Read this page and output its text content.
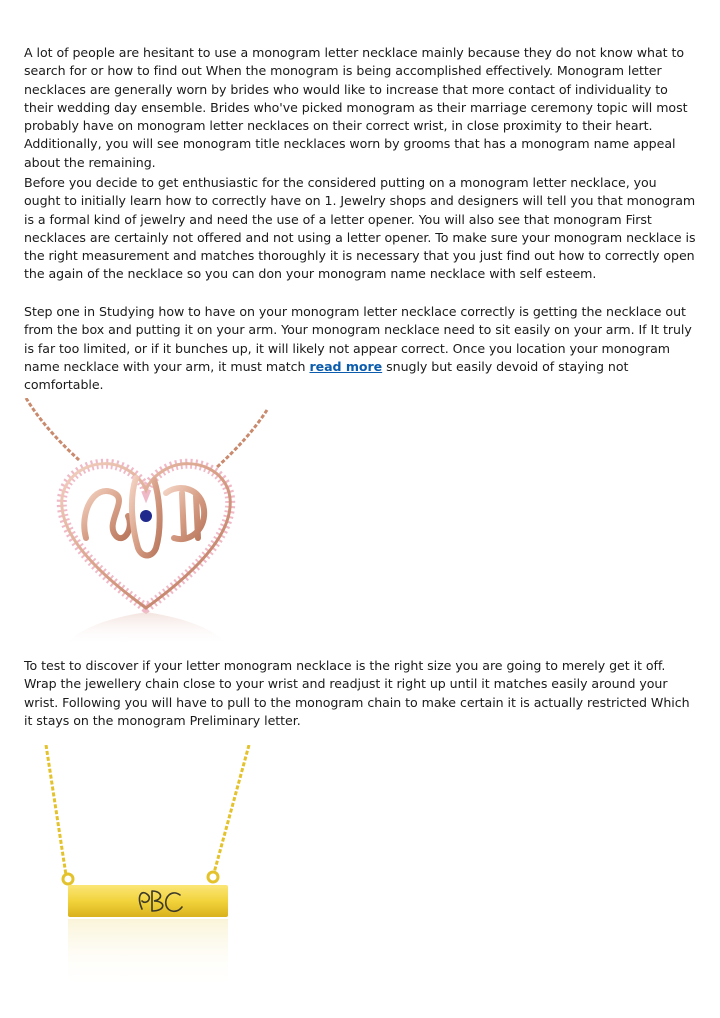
A lot of people are hesitant to use a monogram letter necklace mainly because they do not know what to search for or how to find out When the monogram is being accomplished effectively. Monogram letter necklaces are generally worn by brides who would like to increase that more contact of individuality to their wedding day ensemble. Brides who've picked monogram as their marriage ceremony topic will most probably have on monogram letter necklaces on their correct wrist, in close proximity to their heart. Additionally, you will see monogram title necklaces worn by grooms that has a monogram name appeal about the remaining.

Before you decide to get enthusiastic for the considered putting on a monogram letter necklace, you ought to initially learn how to correctly have on 1. Jewelry shops and designers will tell you that monogram is a formal kind of jewelry and need the use of a letter opener. You will also see that monogram First necklaces are certainly not offered and not using a letter opener. To make sure your monogram necklace is the right measurement and matches thoroughly it is necessary that you just find out how to correctly open the again of the necklace so you can don your monogram name necklace with self esteem.

Step one in Studying how to have on your monogram letter necklace correctly is getting the necklace out from the box and putting it on your arm. Your monogram necklace need to sit easily on your arm. If It truly is far too limited, or if it bunches up, it will likely not appear correct. Once you location your monogram name necklace with your arm, it must match read more snugly but easily devoid of staying not comfortable.

To test to discover if your letter monogram necklace is the right size you are going to merely get it off. Wrap the jewellery chain close to your wrist and readjust it right up until it matches easily around your wrist. Following you will have to pull to the monogram chain to make certain it is actually restricted Which it stays on the monogram Preliminary letter.
